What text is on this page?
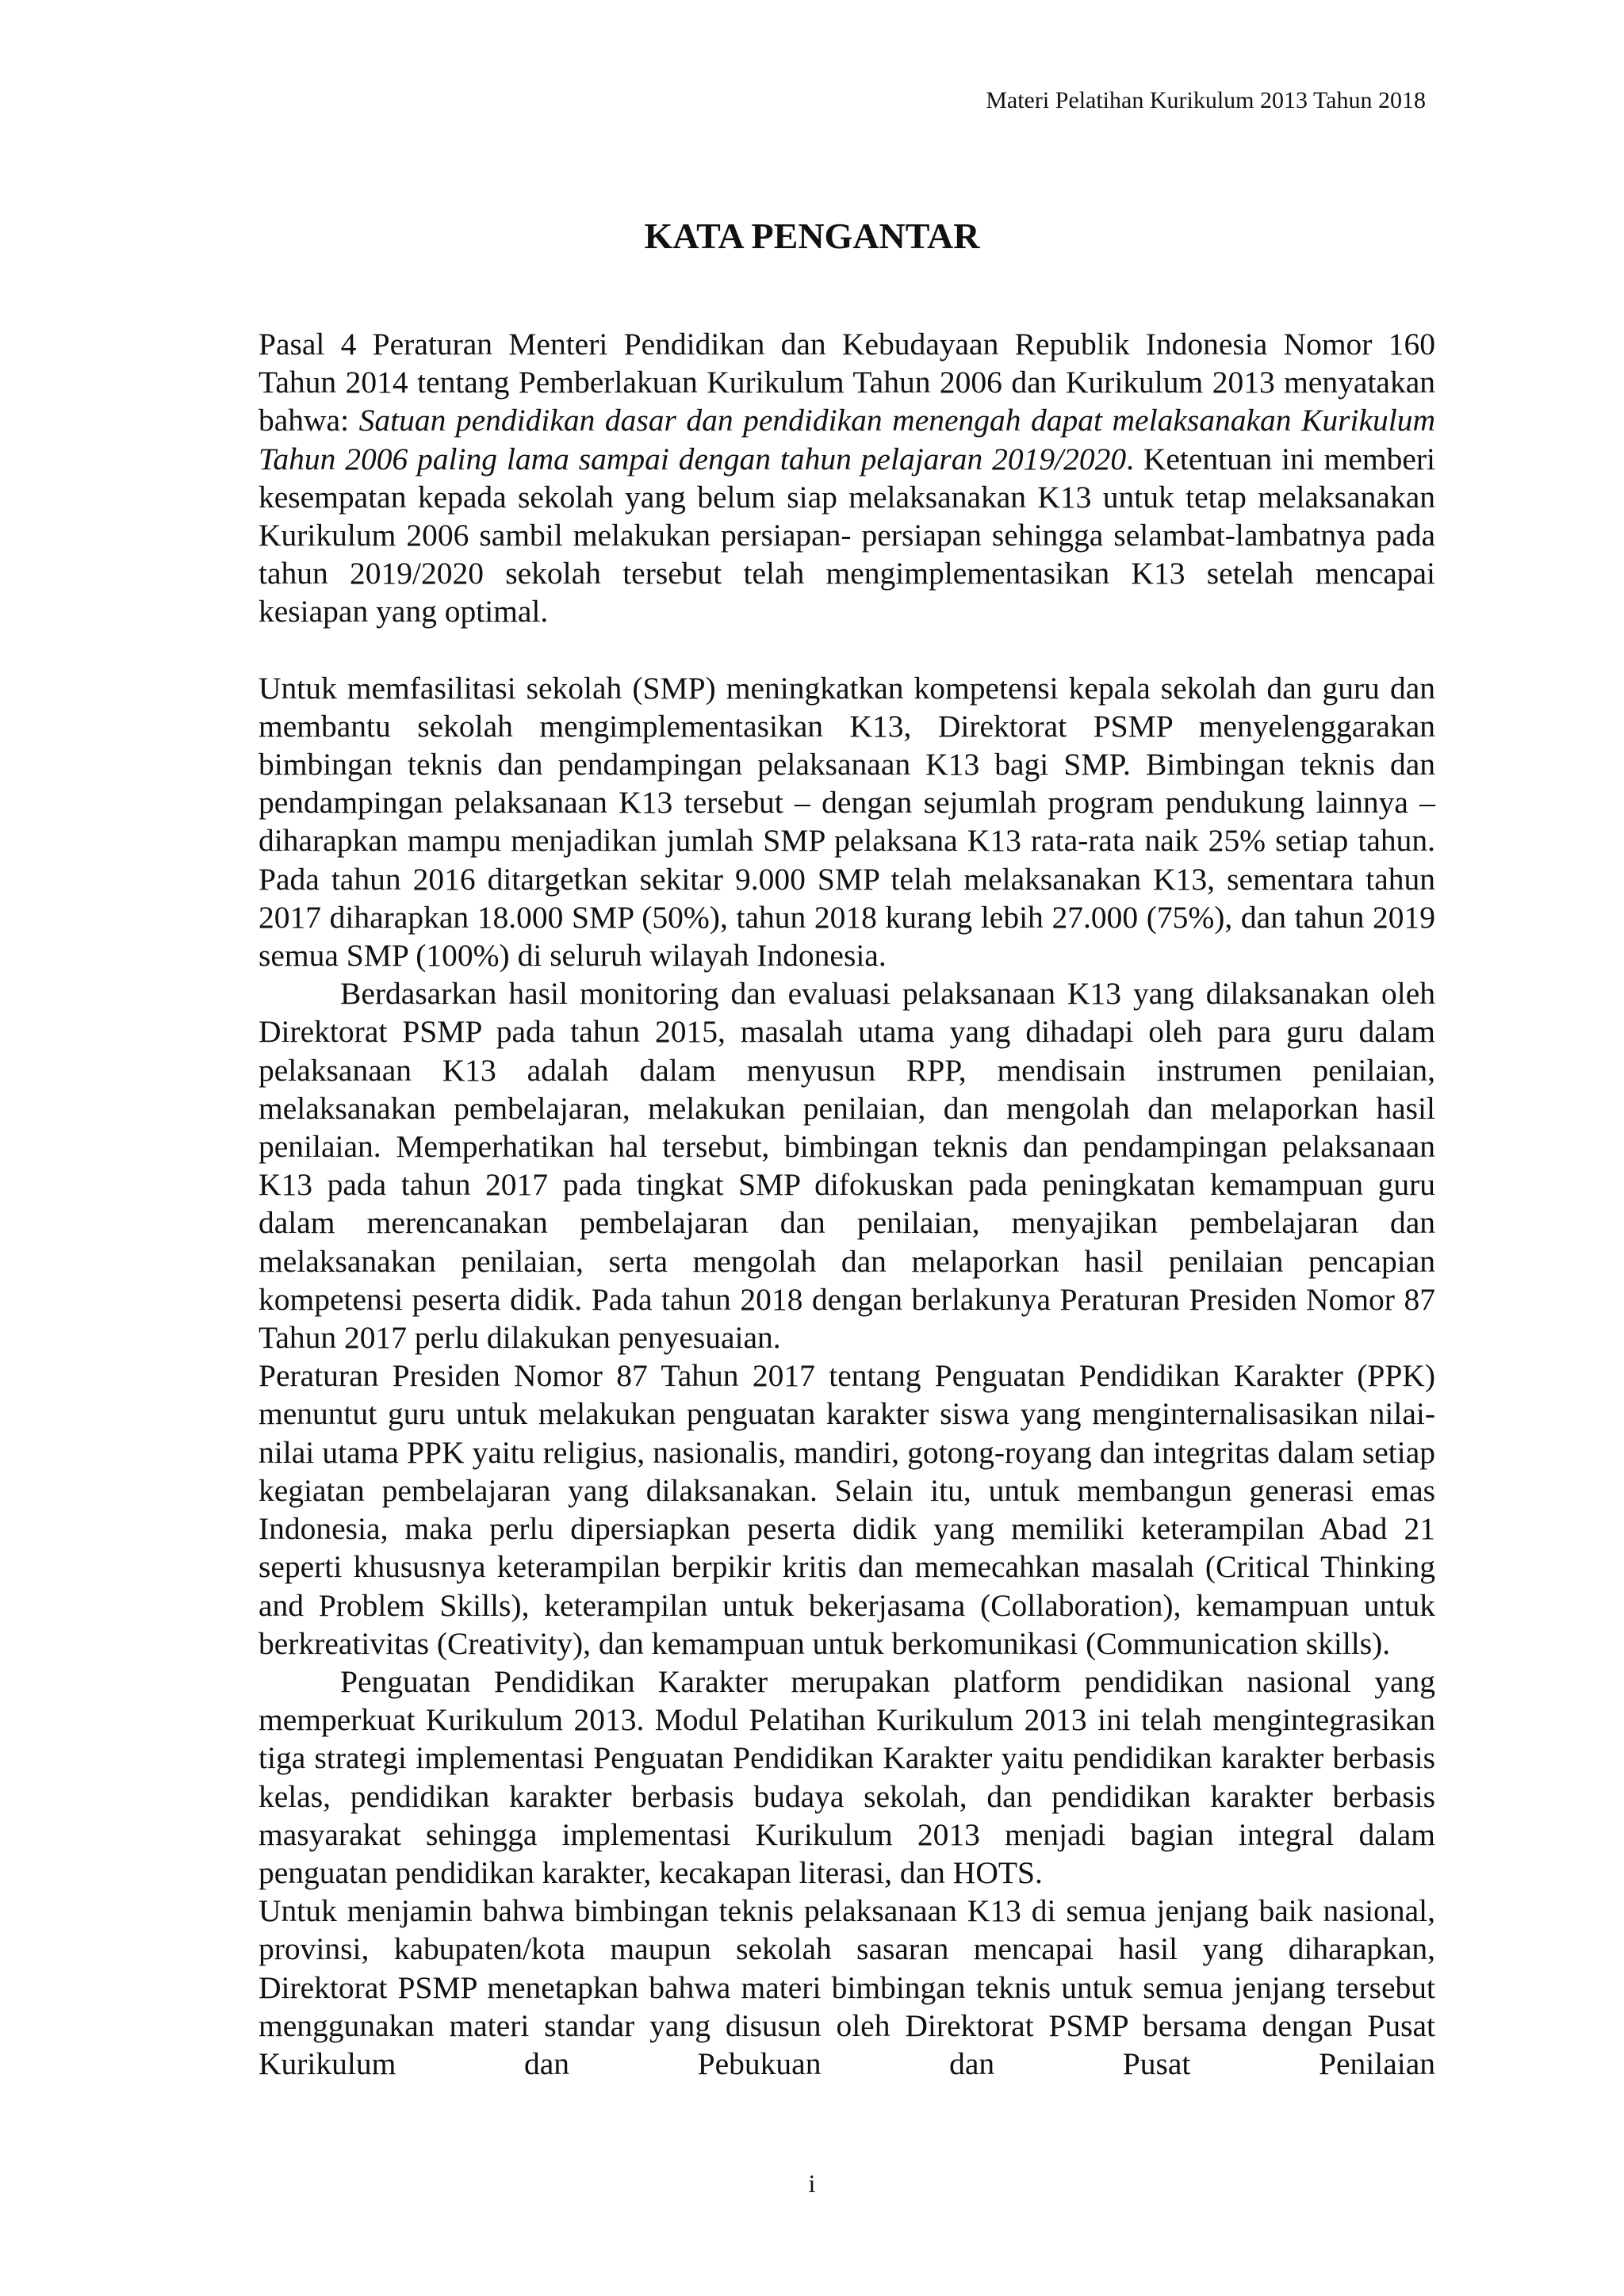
Materi Pelatihan Kurikulum 2013 Tahun 2018
KATA PENGANTAR

Pasal 4 Peraturan Menteri Pendidikan dan Kebudayaan Republik Indonesia Nomor 160 Tahun 2014 tentang Pemberlakuan Kurikulum Tahun 2006 dan Kurikulum 2013 menyatakan bahwa: Satuan pendidikan dasar dan pendidikan menengah dapat melaksanakan Kurikulum Tahun 2006 paling lama sampai dengan tahun pelajaran 2019/2020. Ketentuan ini memberi kesempatan kepada sekolah yang belum siap melaksanakan K13 untuk tetap melaksanakan Kurikulum 2006 sambil melakukan persiapan- persiapan sehingga selambat-lambatnya pada tahun 2019/2020 sekolah tersebut telah mengimplementasikan K13 setelah mencapai kesiapan yang optimal.

Untuk memfasilitasi sekolah (SMP) meningkatkan kompetensi kepala sekolah dan guru dan membantu sekolah mengimplementasikan K13, Direktorat PSMP menyelenggarakan bimbingan teknis dan pendampingan pelaksanaan K13 bagi SMP. Bimbingan teknis dan pendampingan pelaksanaan K13 tersebut – dengan sejumlah program pendukung lainnya – diharapkan mampu menjadikan jumlah SMP pelaksana K13 rata-rata naik 25% setiap tahun. Pada tahun 2016 ditargetkan sekitar 9.000 SMP telah melaksanakan K13, sementara tahun 2017 diharapkan 18.000 SMP (50%), tahun 2018 kurang lebih 27.000 (75%), dan tahun 2019 semua SMP (100%) di seluruh wilayah Indonesia.

Berdasarkan hasil monitoring dan evaluasi pelaksanaan K13 yang dilaksanakan oleh Direktorat PSMP pada tahun 2015, masalah utama yang dihadapi oleh para guru dalam pelaksanaan K13 adalah dalam menyusun RPP, mendisain instrumen penilaian, melaksanakan pembelajaran, melakukan penilaian, dan mengolah dan melaporkan hasil penilaian. Memperhatikan hal tersebut, bimbingan teknis dan pendampingan pelaksanaan K13 pada tahun 2017 pada tingkat SMP difokuskan pada peningkatan kemampuan guru dalam merencanakan pembelajaran dan penilaian, menyajikan pembelajaran dan melaksanakan penilaian, serta mengolah dan melaporkan hasil penilaian pencapian kompetensi peserta didik. Pada tahun 2018 dengan berlakunya Peraturan Presiden Nomor 87 Tahun 2017 perlu dilakukan penyesuaian.

Peraturan Presiden Nomor 87 Tahun 2017 tentang Penguatan Pendidikan Karakter (PPK) menuntut guru untuk melakukan penguatan karakter siswa yang menginternalisasikan nilai-nilai utama PPK yaitu religius, nasionalis, mandiri, gotong-royang dan integritas dalam setiap kegiatan pembelajaran yang dilaksanakan. Selain itu, untuk membangun generasi emas Indonesia, maka perlu dipersiapkan peserta didik yang memiliki keterampilan Abad 21 seperti khususnya keterampilan berpikir kritis dan memecahkan masalah (Critical Thinking and Problem Skills), keterampilan untuk bekerjasama (Collaboration), kemampuan untuk berkreativitas (Creativity), dan kemampuan untuk berkomunikasi (Communication skills).

Penguatan Pendidikan Karakter merupakan platform pendidikan nasional yang memperkuat Kurikulum 2013. Modul Pelatihan Kurikulum 2013 ini telah mengintegrasikan tiga strategi implementasi Penguatan Pendidikan Karakter yaitu pendidikan karakter berbasis kelas, pendidikan karakter berbasis budaya sekolah, dan pendidikan karakter berbasis masyarakat sehingga implementasi Kurikulum 2013 menjadi bagian integral dalam penguatan pendidikan karakter, kecakapan literasi, dan HOTS.

Untuk menjamin bahwa bimbingan teknis pelaksanaan K13 di semua jenjang baik nasional, provinsi, kabupaten/kota maupun sekolah sasaran mencapai hasil yang diharapkan, Direktorat PSMP menetapkan bahwa materi bimbingan teknis untuk semua jenjang tersebut menggunakan materi standar yang disusun oleh Direktorat PSMP bersama dengan Pusat Kurikulum dan Pebukuan dan Pusat Penilaian

i
